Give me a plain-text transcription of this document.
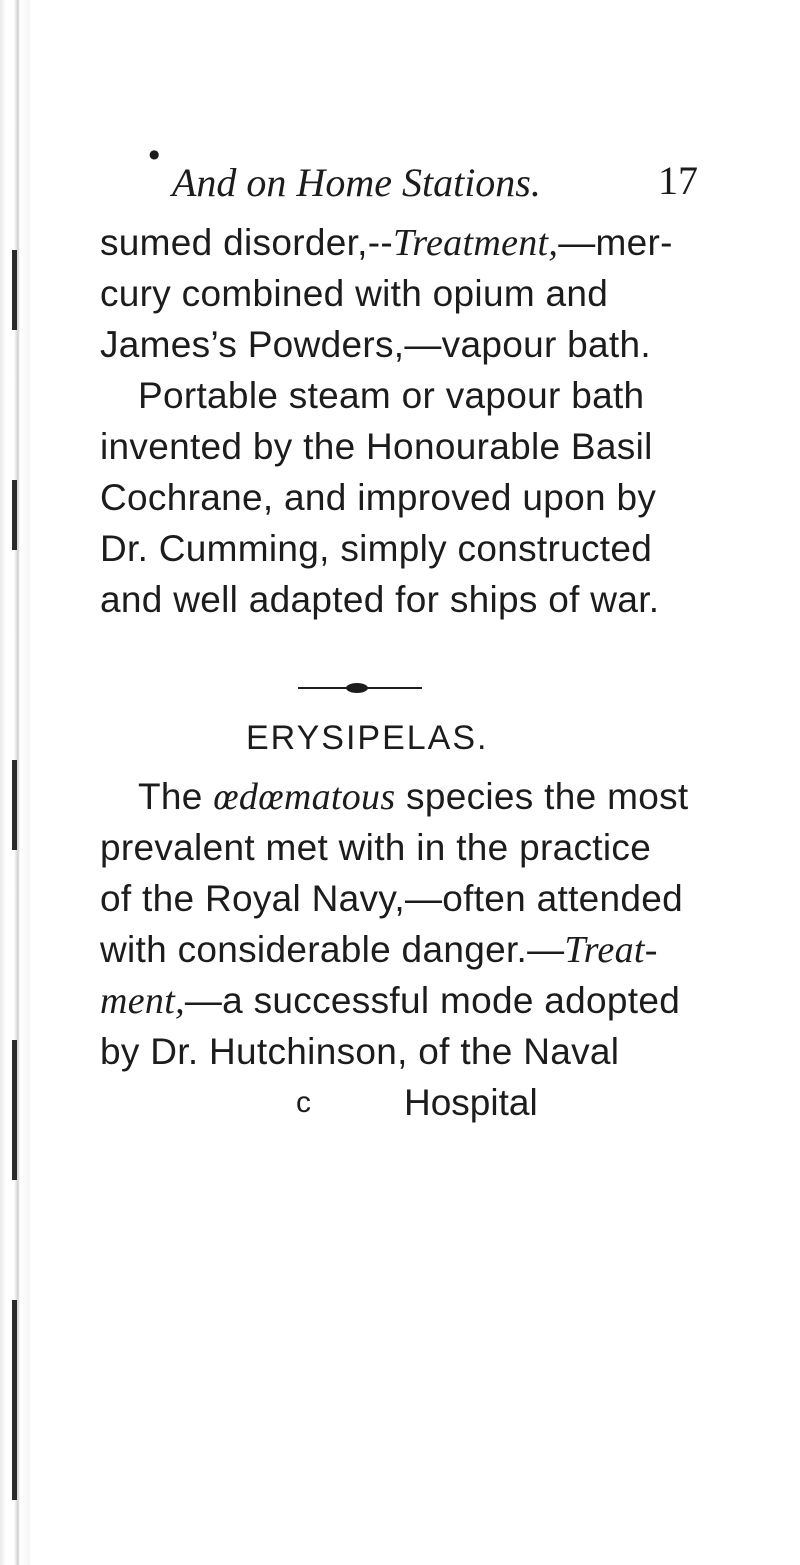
●
And on Home Stations.	17
sumed disorder,--Treatment,—mer-
cury combined with opium and
James’s Powders,—vapour bath.
Portable steam or vapour bath
invented by the Honourable Basil
Cochrane, and improved upon by
Dr. Cumming, simply constructed
and well adapted for ships of war.
ERYSIPELAS.
The œdœmatous species the most
prevalent met with in the practice
of the Royal Navy,—often attended
with considerable danger.—Treat-
ment,—a successful mode adopted
by Dr. Hutchinson, of the Naval
c	Hospital
